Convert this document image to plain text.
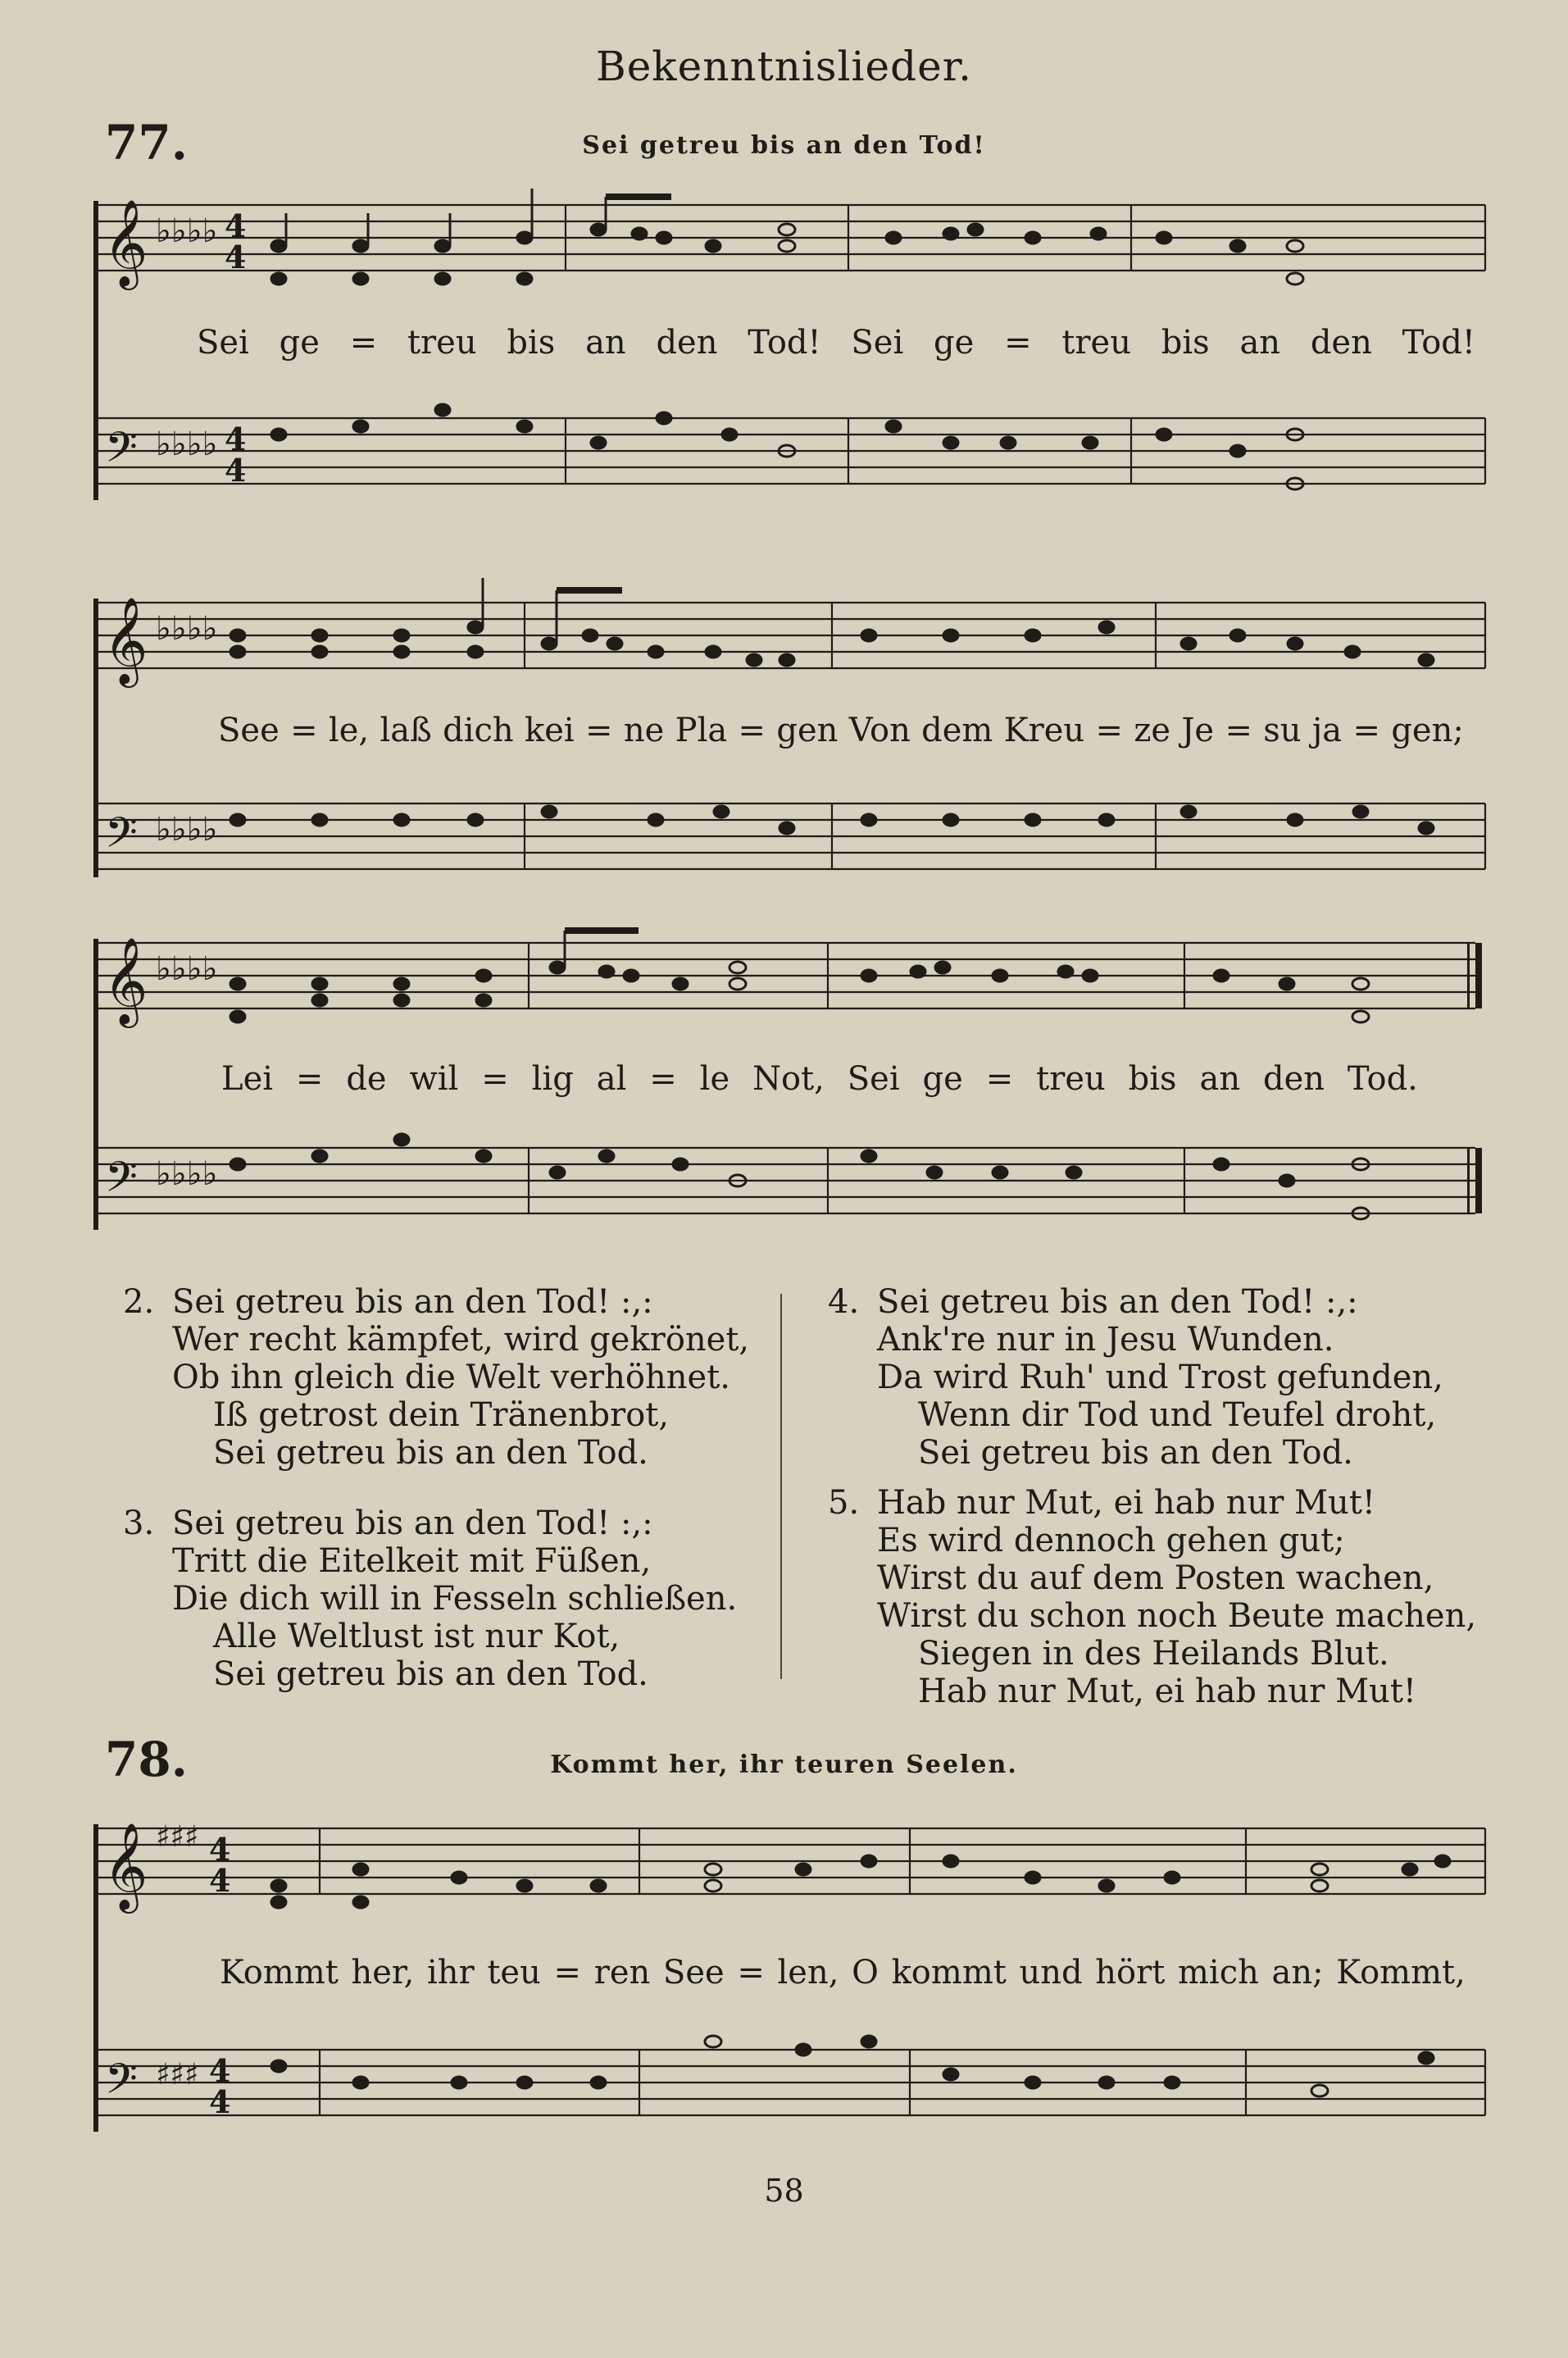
Bekenntnislieder.
77.	Sei getreu bis an den Tod!
𝄞
𝄢
♭♭♭♭
♭♭♭♭
4
4
4
4
Sei ge = treu bis an den Tod! Sei ge = treu bis an den Tod!
𝄞
𝄢
♭♭♭♭
♭♭♭♭
See = le, laß dich kei = ne Pla = gen Von dem Kreu = ze Je = su ja = gen;
𝄞
𝄢
♭♭♭♭
♭♭♭♭
Lei = de wil = lig al = le Not, Sei ge = treu bis an den Tod.
2. Sei getreu bis an den Tod! :,:
Wer recht kämpfet, wird gekrönet,
Ob ihn gleich die Welt verhöhnet.
Iß getrost dein Tränenbrot,
Sei getreu bis an den Tod.
3. Sei getreu bis an den Tod! :,:
Tritt die Eitelkeit mit Füßen,
Die dich will in Fesseln schließen.
Alle Weltlust ist nur Kot,
Sei getreu bis an den Tod.
4. Sei getreu bis an den Tod! :,:
Ank're nur in Jesu Wunden.
Da wird Ruh' und Trost gefunden,
Wenn dir Tod und Teufel droht,
Sei getreu bis an den Tod.
5. Hab nur Mut, ei hab nur Mut!
Es wird dennoch gehen gut;
Wirst du auf dem Posten wachen,
Wirst du schon noch Beute machen,
Siegen in des Heilands Blut.
Hab nur Mut, ei hab nur Mut!
78.	Kommt her, ihr teuren Seelen.
𝄞
𝄢
♯♯♯
♯♯♯
4
4
4
4
Kommt her, ihr teu = ren See = len, O kommt und hört mich an; Kommt,
58
